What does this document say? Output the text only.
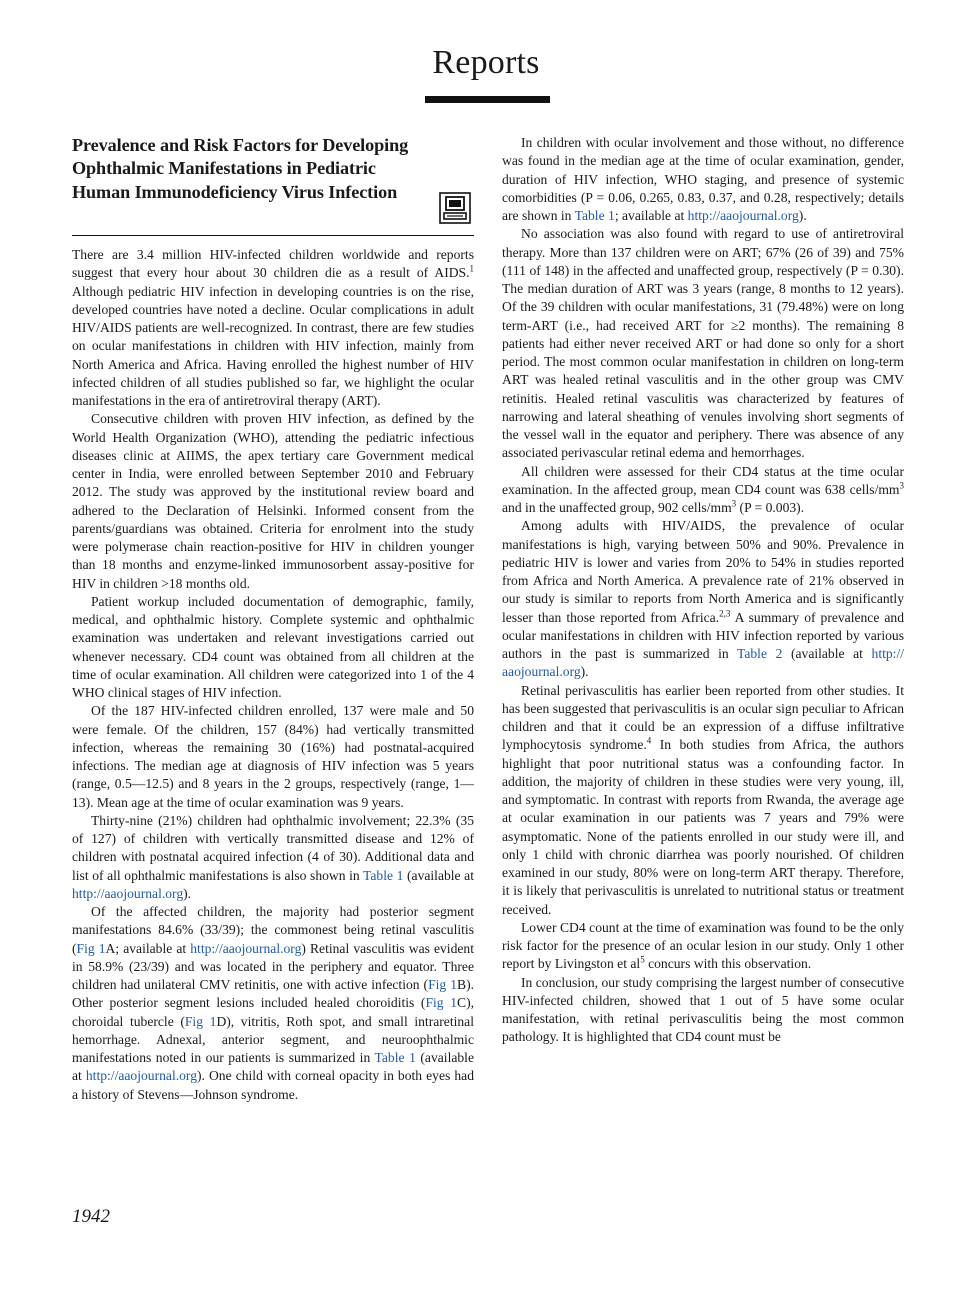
Reports
Prevalence and Risk Factors for Developing Ophthalmic Manifestations in Pediatric Human Immunodeficiency Virus Infection

There are 3.4 million HIV-infected children worldwide and reports suggest that every hour about 30 children die as a result of AIDS.$^1$ Although pediatric HIV infection in developing countries is on the rise, developed countries have noted a decline. Ocular complications in adult HIV/AIDS patients are well-recognized. In contrast, there are few studies on ocular manifestations in children with HIV infection, mainly from North America and Africa. Having enrolled the highest number of HIV infected children of all studies published so far, we highlight the ocular manifestations in the era of antiretroviral therapy (ART).

Consecutive children with proven HIV infection, as defined by the World Health Organization (WHO), attending the pediatric infectious diseases clinic at AIIMS, the apex tertiary care Government medical center in India, were enrolled between September 2010 and February 2012. The study was approved by the institutional review board and adhered to the Declaration of Helsinki. Informed consent from the parents/guardians was obtained. Criteria for enrolment into the study were polymerase chain reaction-positive for HIV in children younger than 18 months and enzyme-linked immunosorbent assay-positive for HIV in children >18 months old.

Patient workup included documentation of demographic, family, medical, and ophthalmic history. Complete systemic and ophthalmic examination was undertaken and relevant investigations carried out whenever necessary. CD4 count was obtained from all children at the time of ocular examination. All children were categorized into 1 of the 4 WHO clinical stages of HIV infection.

Of the 187 HIV-infected children enrolled, 137 were male and 50 were female. Of the children, 157 (84%) had vertically transmitted infection, whereas the remaining 30 (16%) had postnatal-acquired infections. The median age at diagnosis of HIV infection was 5 years (range, 0.5—12.5) and 8 years in the 2 groups, respectively (range, 1—13). Mean age at the time of ocular examination was 9 years.

Thirty-nine (21%) children had ophthalmic involvement; 22.3% (35 of 127) of children with vertically transmitted disease and 12% of children with postnatal acquired infection (4 of 30). Additional data and list of all ophthalmic manifestations is also shown in Table 1 (available at http://aaojournal.org).

Of the affected children, the majority had posterior segment manifestations 84.6% (33/39); the commonest being retinal vasculitis (Fig 1A; available at http://aaojournal.org) Retinal vasculitis was evident in 58.9% (23/39) and was located in the periphery and equator. Three children had unilateral CMV retinitis, one with active infection (Fig 1B). Other posterior segment lesions included healed choroiditis (Fig 1C), choroidal tubercle (Fig 1D), vitritis, Roth spot, and small intraretinal hemorrhage. Adnexal, anterior segment, and neuroophthalmic manifestations noted in our patients is summarized in Table 1 (available at http://aaojournal.org). One child with corneal opacity in both eyes had a history of Stevens—Johnson syndrome.

In children with ocular involvement and those without, no difference was found in the median age at the time of ocular examination, gender, duration of HIV infection, WHO staging, and presence of systemic comorbidities (P = 0.06, 0.265, 0.83, 0.37, and 0.28, respectively; details are shown in Table 1; available at http://aaojournal.org).

No association was also found with regard to use of antiretroviral therapy. More than 137 children were on ART; 67% (26 of 39) and 75% (111 of 148) in the affected and unaffected group, respectively (P = 0.30). The median duration of ART was 3 years (range, 8 months to 12 years). Of the 39 children with ocular manifestations, 31 (79.48%) were on long term-ART (i.e., had received ART for ≥2 months). The remaining 8 patients had either never received ART or had done so only for a short period. The most common ocular manifestation in children on long-term ART was healed retinal vasculitis and in the other group was CMV retinitis. Healed retinal vasculitis was characterized by features of narrowing and lateral sheathing of venules involving short segments of the vessel wall in the equator and periphery. There was absence of any associated perivascular retinal edema and hemorrhages.

All children were assessed for their CD4 status at the time ocular examination. In the affected group, mean CD4 count was 638 cells/mm$^3$ and in the unaffected group, 902 cells/mm$^3$ (P = 0.003).

Among adults with HIV/AIDS, the prevalence of ocular manifestations is high, varying between 50% and 90%. Prevalence in pediatric HIV is lower and varies from 20% to 54% in studies reported from Africa and North America. A prevalence rate of 21% observed in our study is similar to reports from North America and is significantly lesser than those reported from Africa.$^{2,3}$ A summary of prevalence and ocular manifestations in children with HIV infection reported by various authors in the past is summarized in Table 2 (available at http:// aaojournal.org).

Retinal perivasculitis has earlier been reported from other studies. It has been suggested that perivasculitis is an ocular sign peculiar to African children and that it could be an expression of a diffuse infiltrative lymphocytosis syndrome.$^4$ In both studies from Africa, the authors highlight that poor nutritional status was a confounding factor. In addition, the majority of children in these studies were very young, ill, and symptomatic. In contrast with reports from Rwanda, the average age at ocular examination in our patients was 7 years and 79% were asymptomatic. None of the patients enrolled in our study were ill, and only 1 child with chronic diarrhea was poorly nourished. Of children examined in our study, 80% were on long-term ART therapy. Therefore, it is likely that perivasculitis is unrelated to nutritional status or treatment received.

Lower CD4 count at the time of examination was found to be the only risk factor for the presence of an ocular lesion in our study. Only 1 other report by Livingston et al$^5$ concurs with this observation.

In conclusion, our study comprising the largest number of consecutive HIV-infected children, showed that 1 out of 5 have some ocular manifestation, with retinal perivasculitis being the most common pathology. It is highlighted that CD4 count must be

1942
